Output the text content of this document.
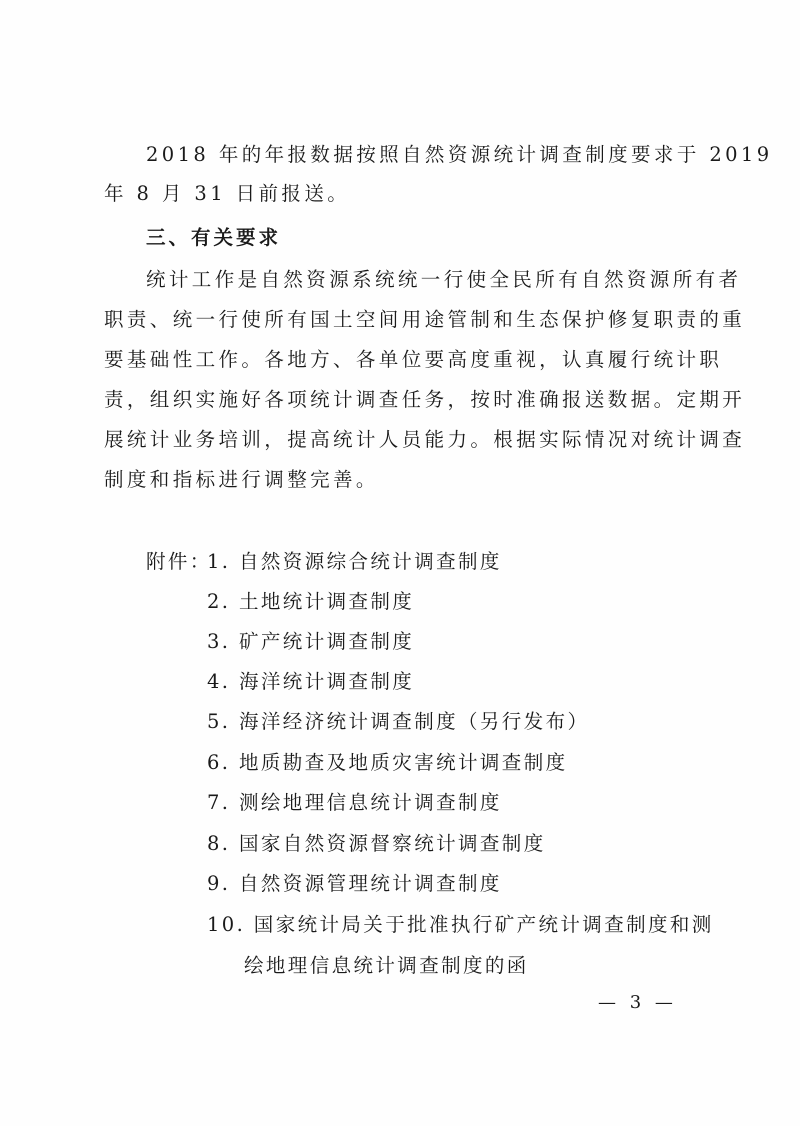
2018 年的年报数据按照自然资源统计调查制度要求于 2019
年 8 月 31 日前报送。
三、有关要求
统计工作是自然资源系统统一行使全民所有自然资源所有者
职责、统一行使所有国土空间用途管制和生态保护修复职责的重
要基础性工作。各地方、各单位要高度重视，认真履行统计职
责，组织实施好各项统计调查任务，按时准确报送数据。定期开
展统计业务培训，提高统计人员能力。根据实际情况对统计调查
制度和指标进行调整完善。
附件：
1. 自然资源综合统计调查制度
2. 土地统计调查制度
3. 矿产统计调查制度
4. 海洋统计调查制度
5. 海洋经济统计调查制度（另行发布）
6. 地质勘查及地质灾害统计调查制度
7. 测绘地理信息统计调查制度
8. 国家自然资源督察统计调查制度
9. 自然资源管理统计调查制度
10. 国家统计局关于批准执行矿产统计调查制度和测
绘地理信息统计调查制度的函
— 3 —
